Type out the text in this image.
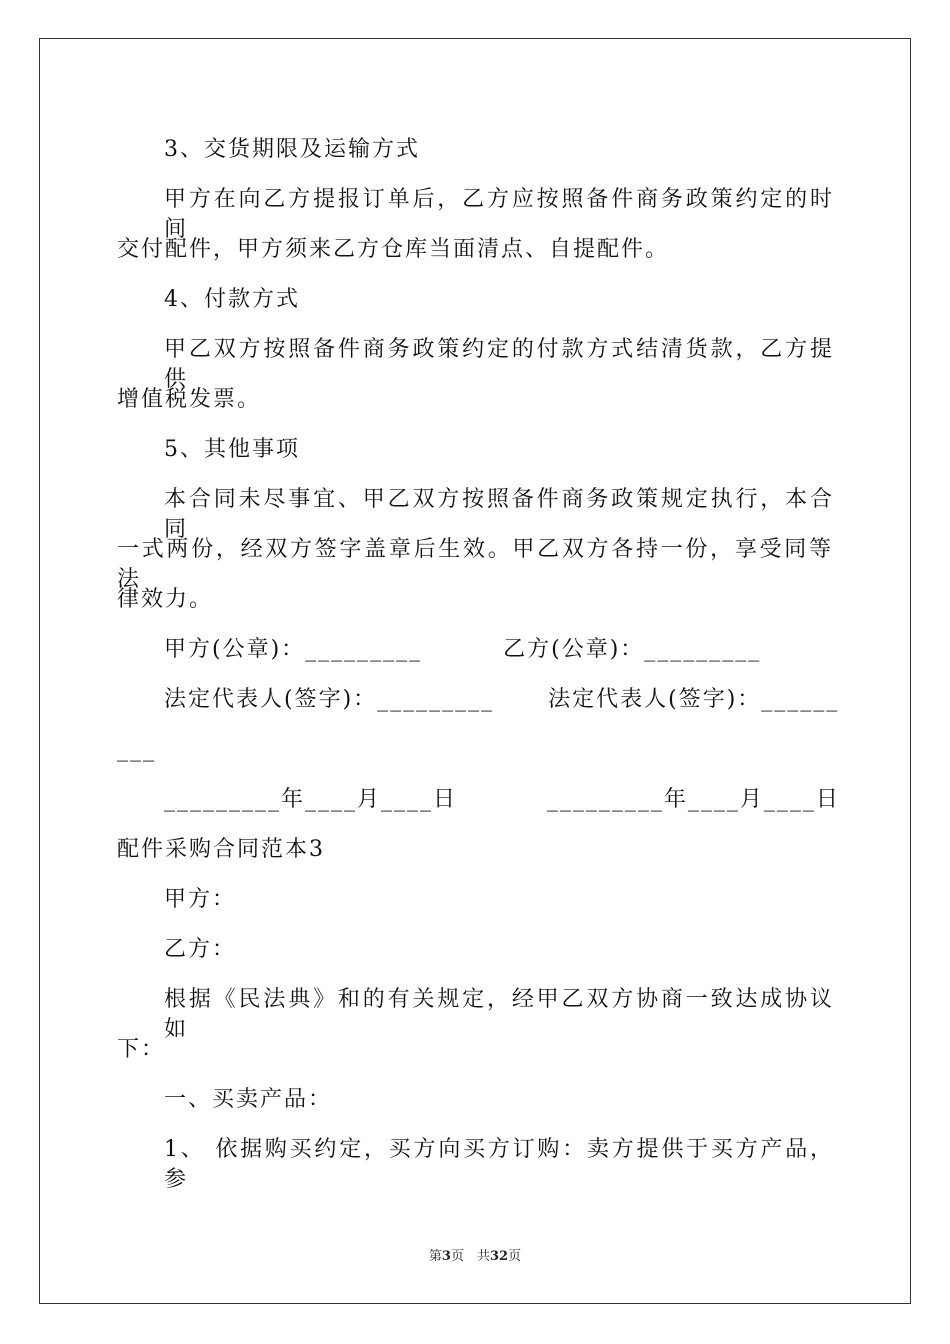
3、交货期限及运输方式
甲方在向乙方提报订单后，乙方应按照备件商务政策约定的时间
交付配件，甲方须来乙方仓库当面清点、自提配件。
4、付款方式
甲乙双方按照备件商务政策约定的付款方式结清货款，乙方提供
增值税发票。
5、其他事项
本合同未尽事宜、甲乙双方按照备件商务政策规定执行，本合同
一式两份，经双方签字盖章后生效。甲乙双方各持一份，享受同等法
律效力。
甲方(公章)：_________         乙方(公章)：_________
法定代表人(签字)：_________      法定代表人(签字)：______
___
_________年____月____日          _________年____月____日
配件采购合同范本3
甲方：
乙方：
根据《民法典》和的有关规定，经甲乙双方协商一致达成协议如
下：
一、买卖产品：
1、 依据购买约定，买方向买方订购：卖方提供于买方产品，参
第3页　共32页
